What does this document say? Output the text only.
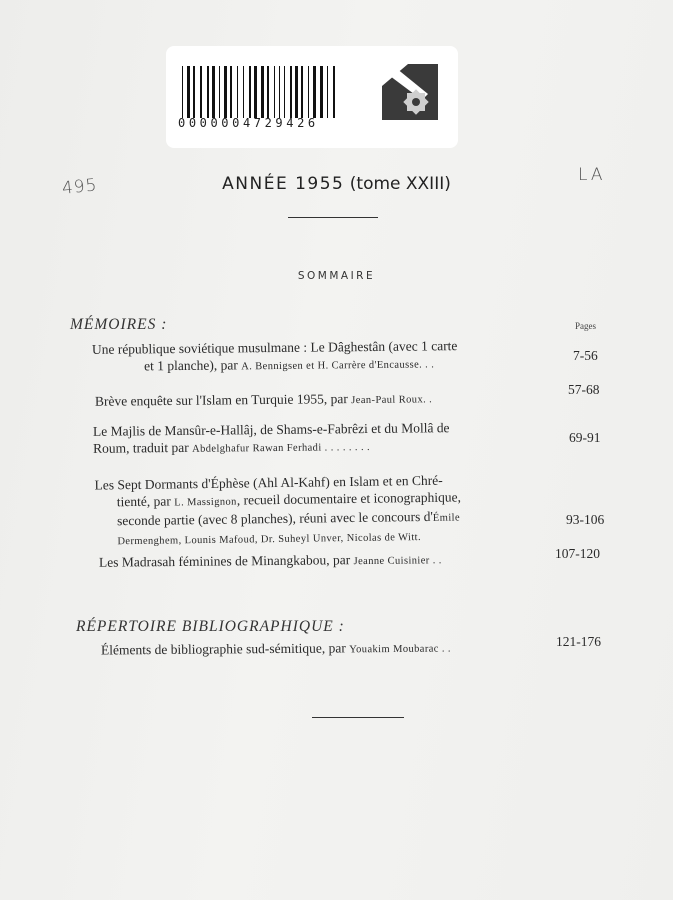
0000004729426
495
LA
ANNÉE 1955 (tome XXIII)
SOMMAIRE
MÉMOIRES :	Pages
Une république soviétique musulmane : Le Dâghestân (avec 1 carte
et 1 planche), par A. Bennigsen et H. Carrère d'Encausse. . .
7-56
Brève enquête sur l'Islam en Turquie 1955, par Jean-Paul Roux. .
57-68
Le Majlis de Mansûr-e-Hallâj, de Shams-e-Fabrêzi et du Mollâ de
Roum, traduit par Abdelghafur Rawan Ferhadi . . . . . . . .
69-91
Les Sept Dormants d'Éphèse (Ahl Al-Kahf) en Islam et en Chré-
tienté, par L. Massignon, recueil documentaire et iconographique,
seconde partie (avec 8 planches), réuni avec le concours d'Émile
Dermenghem, Lounis Mafoud, Dr. Suheyl Unver, Nicolas de Witt.
93-106
Les Madrasah féminines de Minangkabou, par Jeanne Cuisinier . .
107-120
RÉPERTOIRE BIBLIOGRAPHIQUE :
Éléments de bibliographie sud-sémitique, par Youakim Moubarac . .
121-176
